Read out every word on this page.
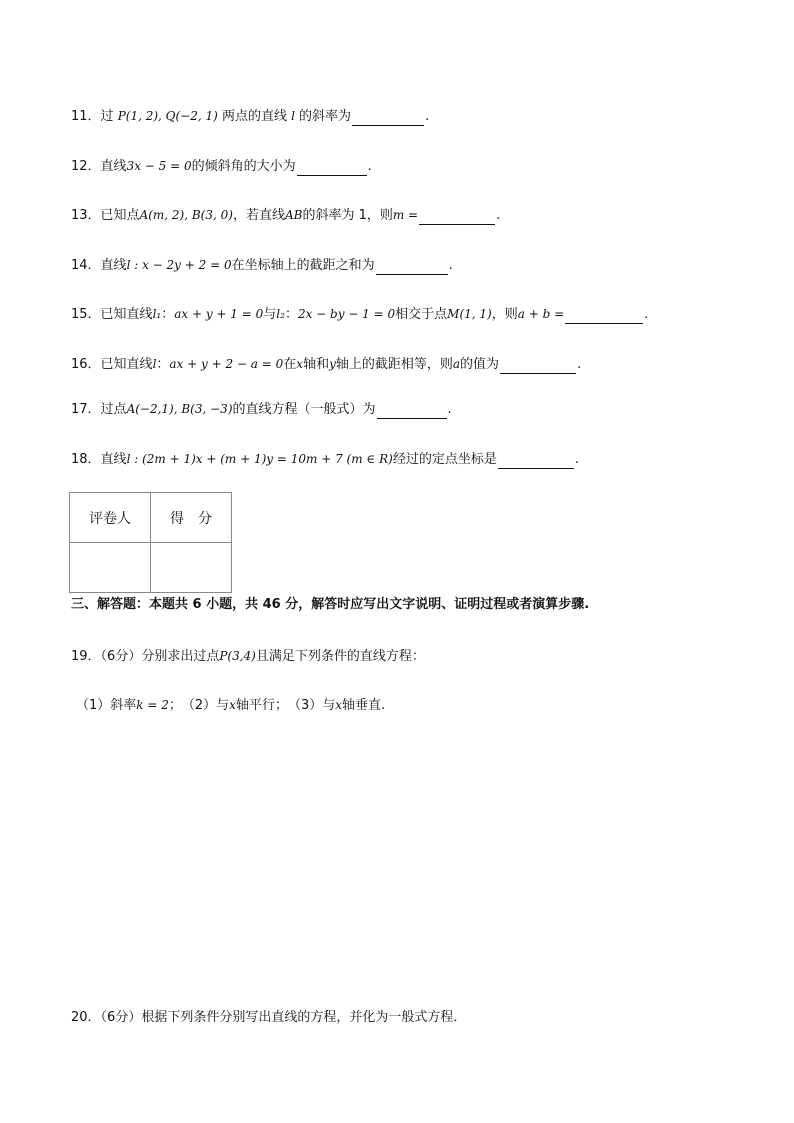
11．过 P(1, 2), Q(−2, 1) 两点的直线 l 的斜率为	.
12．直线3x − 5 = 0的倾斜角的大小为	.
13．已知点A(m, 2), B(3, 0)，若直线AB的斜率为 1，则m =	.
14．直线l : x − 2y + 2 = 0在坐标轴上的截距之和为	.
15．已知直线l₁：ax + y + 1 = 0与l₂：2x − by − 1 = 0相交于点M(1, 1)，则a + b =	.
16．已知直线l：ax + y + 2 − a = 0在x轴和y轴上的截距相等，则a的值为	.
17．过点A(−2,1), B(3, −3)的直线方程（一般式）为	.
18．直线l : (2m + 1)x + (m + 1)y = 10m + 7 (m ∈ R)经过的定点坐标是	.
评卷人	得　分

三、解答题：本题共 6 小题，共 46 分，解答时应写出文字说明、证明过程或者演算步骤.
19．（6分）分别求出过点P(3,4)且满足下列条件的直线方程：
（1）斜率k = 2；　（2）与x轴平行；　（3）与x轴垂直.
20．（6分）根据下列条件分别写出直线的方程，并化为一般式方程．
